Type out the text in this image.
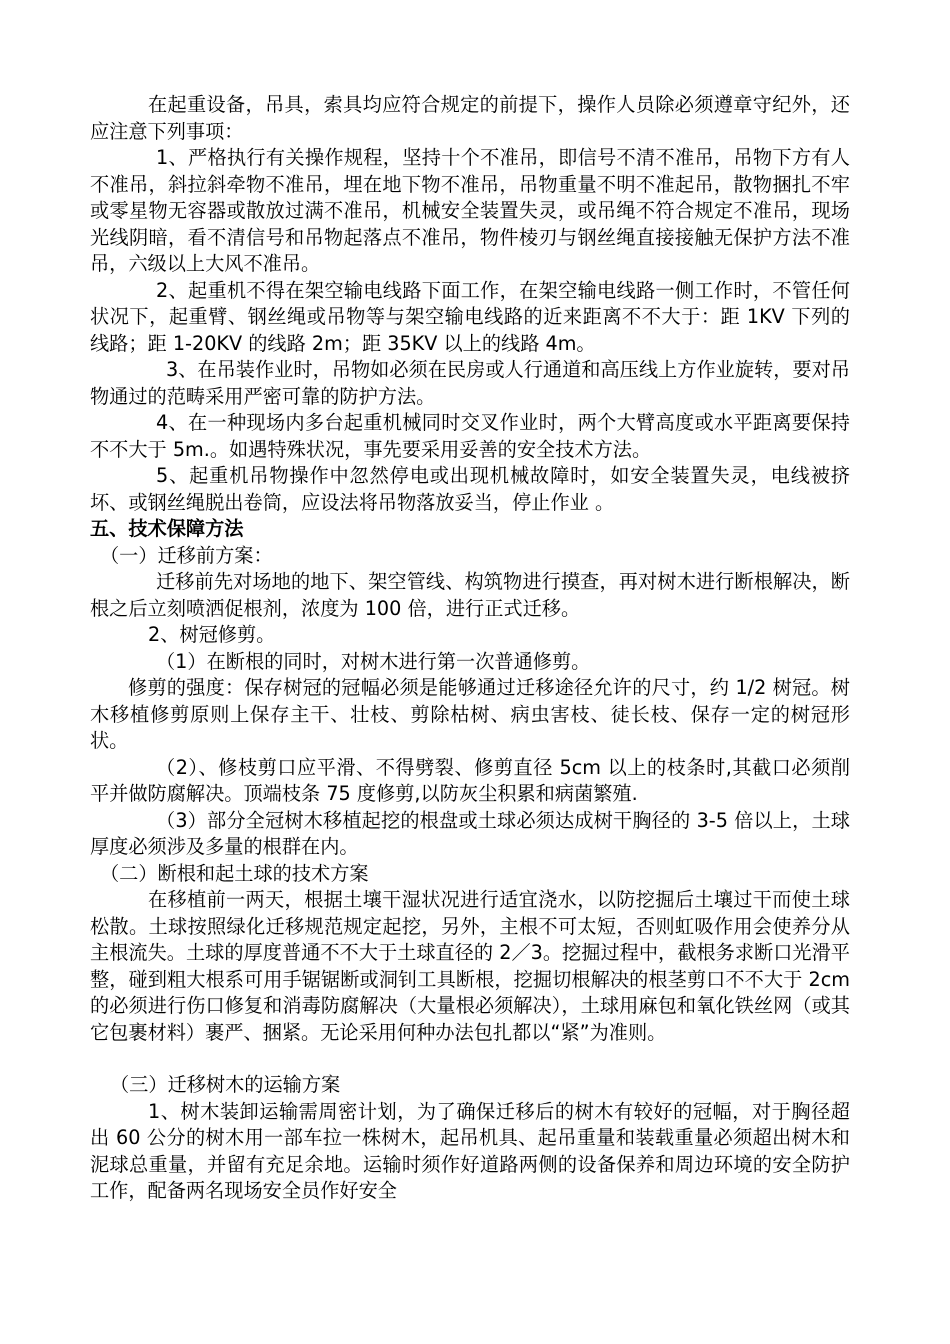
在起重设备，吊具，索具均应符合规定的前提下，操作人员除必须遵章守纪外，还应注意下列事项：

1、严格执行有关操作规程，坚持十个不准吊，即信号不清不准吊，吊物下方有人不准吊，斜拉斜牵物不准吊，埋在地下物不准吊，吊物重量不明不准起吊，散物捆扎不牢或零星物无容器或散放过满不准吊，机械安全装置失灵，或吊绳不符合规定不准吊，现场光线阴暗，看不清信号和吊物起落点不准吊，物件棱刃与钢丝绳直接接触无保护方法不准吊，六级以上大风不准吊。

2、起重机不得在架空输电线路下面工作，在架空输电线路一侧工作时，不管任何状况下，起重臂、钢丝绳或吊物等与架空输电线路的近来距离不不大于：距 1KV 下列的线路；距 1-20KV 的线路 2m；距 35KV 以上的线路 4m。

3、在吊装作业时，吊物如必须在民房或人行通道和高压线上方作业旋转，要对吊物通过的范畴采用严密可靠的防护方法。

4、在一种现场内多台起重机械同时交叉作业时，两个大臂高度或水平距离要保持不不大于 5m.。如遇特殊状况，事先要采用妥善的安全技术方法。

5、起重机吊物操作中忽然停电或出现机械故障时，如安全装置失灵，电线被挤坏、或钢丝绳脱出卷筒，应设法将吊物落放妥当，停止作业 。

五、技术保障方法

（一）迁移前方案：

迁移前先对场地的地下、架空管线、构筑物进行摸查，再对树木进行断根解决，断根之后立刻喷洒促根剂，浓度为 100 倍，进行正式迁移。

2、树冠修剪。

（1）在断根的同时，对树木进行第一次普通修剪。

修剪的强度：保存树冠的冠幅必须是能够通过迁移途径允许的尺寸，约 1/2 树冠。树木移植修剪原则上保存主干、壮枝、剪除枯树、病虫害枝、徒长枝、保存一定的树冠形状。

（2）、修枝剪口应平滑、不得劈裂、修剪直径 5cm 以上的枝条时,其截口必须削平并做防腐解决。顶端枝条 75 度修剪,以防灰尘积累和病菌繁殖.

（3）部分全冠树木移植起挖的根盘或土球必须达成树干胸径的 3-5 倍以上，土球厚度必须涉及多量的根群在内。

（二）断根和起土球的技术方案

在移植前一两天，根据土壤干湿状况进行适宜浇水，以防挖掘后土壤过干而使土球松散。土球按照绿化迁移规范规定起挖，另外，主根不可太短，否则虹吸作用会使养分从主根流失。土球的厚度普通不不大于土球直径的 2／3。挖掘过程中，截根务求断口光滑平整，碰到粗大根系可用手锯锯断或洞钊工具断根，挖掘切根解决的根茎剪口不不大于 2cm 的必须进行伤口修复和消毒防腐解决（大量根必须解决），土球用麻包和氧化铁丝网（或其它包裹材料）裹严、捆紧。无论采用何种办法包扎都以“紧”为准则。

（三）迁移树木的运输方案

1、树木装卸运输需周密计划，为了确保迁移后的树木有较好的冠幅，对于胸径超出 60 公分的树木用一部车拉一株树木，起吊机具、起吊重量和装载重量必须超出树木和泥球总重量，并留有充足余地。运输时须作好道路两侧的设备保养和周边环境的安全防护工作，配备两名现场安全员作好安全
